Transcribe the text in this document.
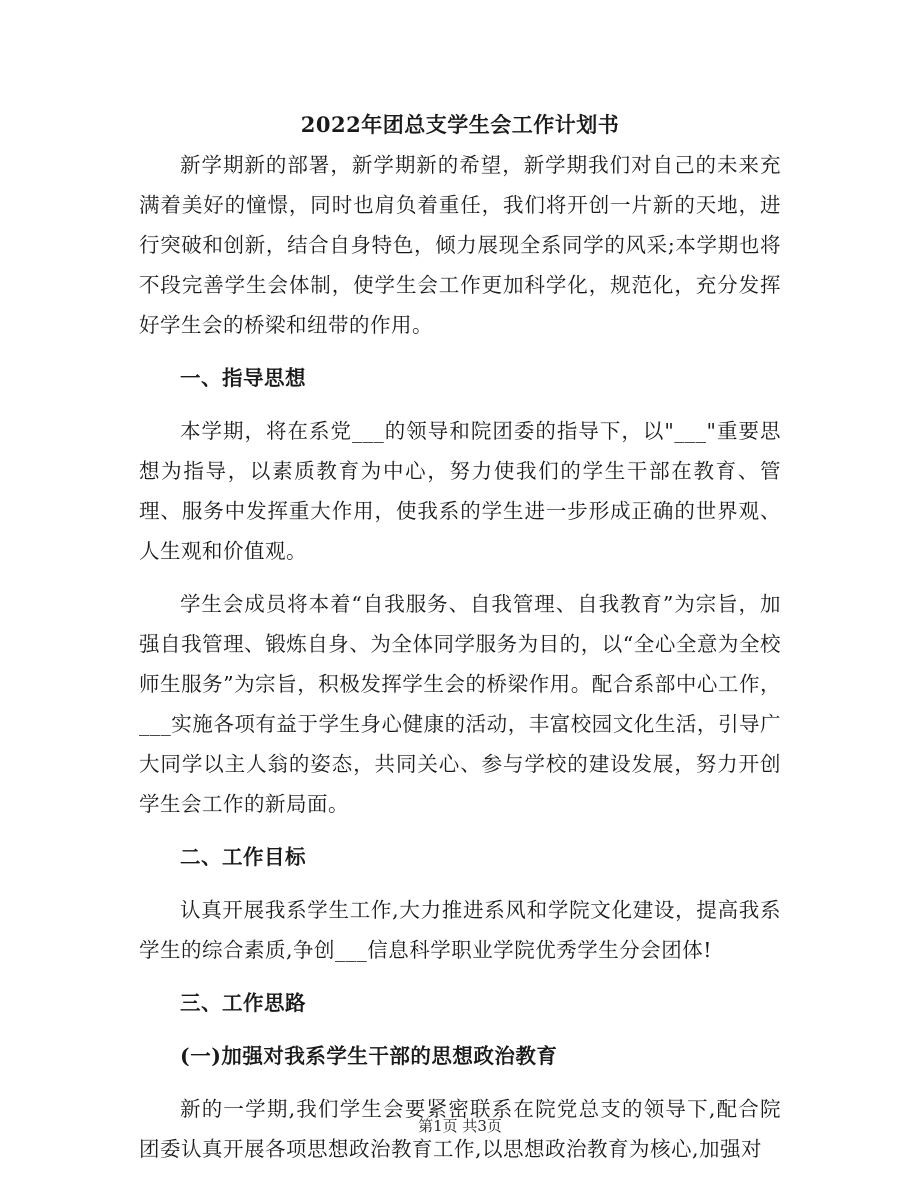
2022年团总支学生会工作计划书

新学期新的部署，新学期新的希望，新学期我们对自己的未来充满着美好的憧憬，同时也肩负着重任，我们将开创一片新的天地，进行突破和创新，结合自身特色，倾力展现全系同学的风采;本学期也将不段完善学生会体制，使学生会工作更加科学化，规范化，充分发挥好学生会的桥梁和纽带的作用。

一、指导思想

本学期，将在系党___的领导和院团委的指导下，以"___"重要思想为指导，以素质教育为中心，努力使我们的学生干部在教育、管理、服务中发挥重大作用，使我系的学生进一步形成正确的世界观、人生观和价值观。

学生会成员将本着“自我服务、自我管理、自我教育”为宗旨，加强自我管理、锻炼自身、为全体同学服务为目的，以“全心全意为全校师生服务”为宗旨，积极发挥学生会的桥梁作用。配合系部中心工作，___实施各项有益于学生身心健康的活动，丰富校园文化生活，引导广大同学以主人翁的姿态，共同关心、参与学校的建设发展，努力开创学生会工作的新局面。

二、工作目标

认真开展我系学生工作,大力推进系风和学院文化建设，提高我系学生的综合素质,争创___信息科学职业学院优秀学生分会团体!

三、工作思路

(一)加强对我系学生干部的思想政治教育

新的一学期,我们学生会要紧密联系在院党总支的领导下,配合院团委认真开展各项思想政治教育工作,以思想政治教育为核心,加强对

第1页 共3页
